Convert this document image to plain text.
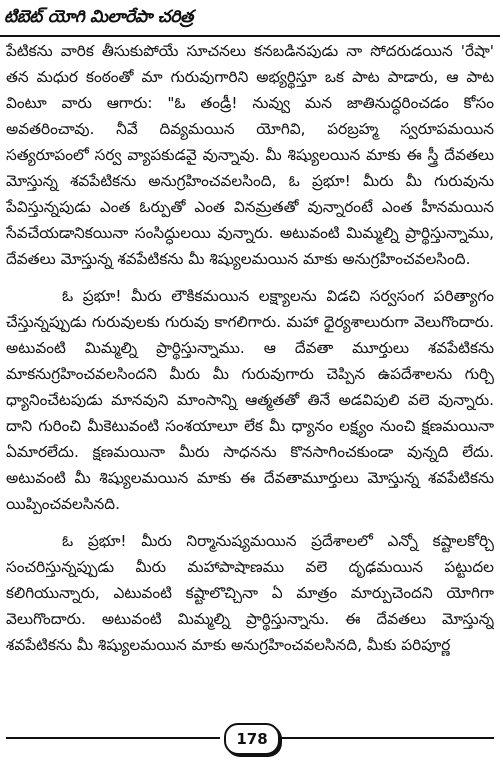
టిబెట్ యోగి మిలారేపా చరిత్ర

పేటికను వారిక తీసుకుపోయే సూచనలు కనబడినపుడు నా సోదరుడయిన 'రేషా' తన మధుర కంఠంతో మా గురువుగారిని అభ్యర్థిస్తూ ఒక పాట పాడారు, ఆ పాట వింటూ వారు ఆగారు: "ఓ తండ్రీ! నువ్వు మన జాతినుద్ధరించడం కోసం అవతరించావు. నీవే దివ్యమయిన యోగివి, పరబ్రహ్మ స్వరూపమయిన సత్యరూపంలో సర్వ వ్యాపకుడవై వున్నావు. మీ శిష్యులయిన మాకు ఈ స్త్రీ దేవతలు మోస్తున్న శవపేటికను అనుగ్రహించవలసింది, ఓ ప్రభూ! మీరు మీ గురువును పేవిస్తున్నపుడు ఎంత ఓర్పుతో ఎంత వినమ్రతతో వున్నారంటే ఎంత హీనమయిన సేవచేయడానికయినా సంసిద్ధులయి వున్నారు. అటువంటి మిమ్మల్ని ప్రార్థిస్తున్నాము, దేవతలు మోస్తున్న శవపేటికను మీ శిష్యులమయిన మాకు అనుగ్రహించవలసింది.

ఓ ప్రభూ! మీరు లౌకికమయిన లక్ష్యాలను విడచి సర్వసంగ పరిత్యాగం చేస్తున్నప్పుడు గురువులకు గురువు కాగలిగారు. మహా ధైర్యశాలురుగా వెలుగొందారు. అటువంటి మిమ్మల్ని ప్రార్థిస్తున్నాము. ఆ దేవతా మూర్తులు శవపేటికను మాకనుగ్రహించవలసిందని మీరు మీ గురువుగారు చెప్పిన ఉపదేశాలను గుర్చి ధ్యానించేటపుడు మానవుని మాంసాన్ని ఆత్మతతో తినే అడవిపులి వలె వున్నారు. దాని గురించి మీకెటువంటి సంశయాలూ లేక మీ ధ్యానం లక్ష్యం నుంచి క్షణమయినా ఏమారలేదు. క్షణమయినా మీరు సాధనను కొనసాగించకుండా వున్నది లేదు. అటువంటి మీ శిష్యులమయిన మాకు ఈ దేవతామూర్తులు మోస్తున్న శవపేటికను యిప్పించవలసినది.

ఓ ప్రభూ! మీరు నిర్మానుష్యమయిన ప్రదేశాలలో ఎన్నో కష్టాలకోర్చి సంచరిస్తున్నప్పుడు మీరు మహాపాషాణము వలె దృఢమయిన పట్టుదల కలిగియున్నారు, ఎటువంటి కష్టాలొచ్చినా ఏ మాత్రం మార్పుచెందని యోగిగా వెలుగొందారు. అటువంటి మిమ్మల్ని ప్రార్థిస్తున్నాను. ఈ దేవతలు మోస్తున్న శవపేటికను మీ శిష్యులమయిన మాకు అనుగ్రహించవలసినది, మీకు పరిపూర్ణ

178
